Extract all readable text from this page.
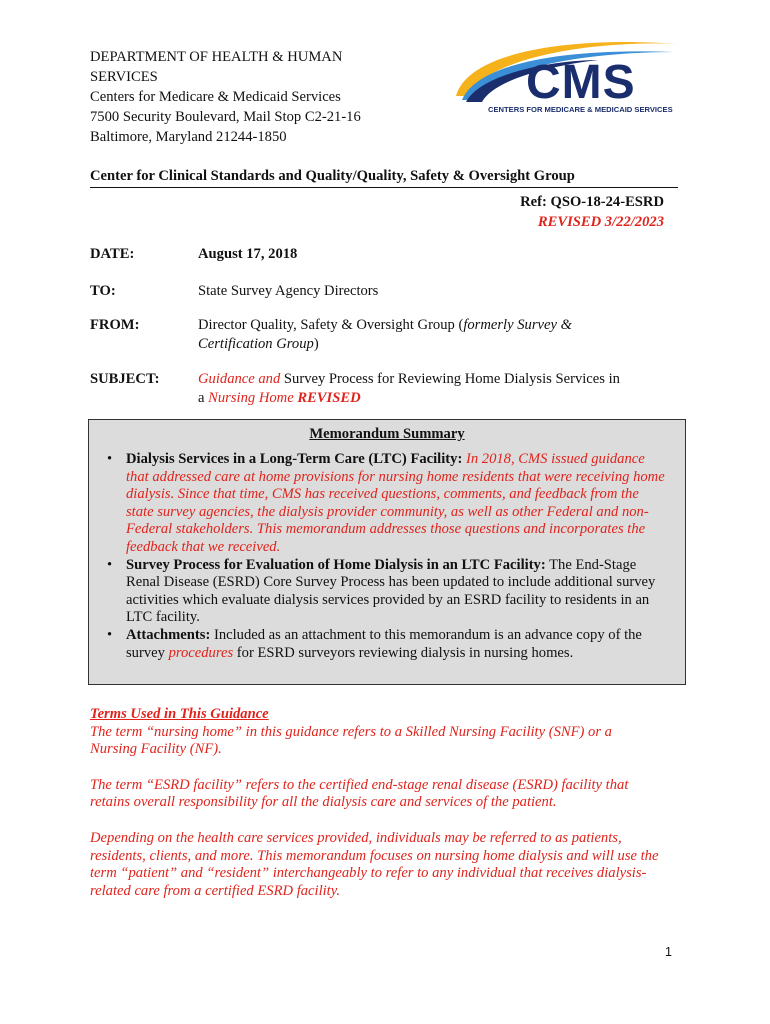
DEPARTMENT OF HEALTH & HUMAN
SERVICES
Centers for Medicare & Medicaid Services
7500 Security Boulevard, Mail Stop C2-21-16
Baltimore, Maryland 21244-1850
CMS
CENTERS FOR MEDICARE & MEDICAID SERVICES
Center for Clinical Standards and Quality/Quality, Safety & Oversight Group
Ref: QSO-18-24-ESRD
REVISED 3/22/2023
DATE:	August 17, 2018
TO:	State Survey Agency Directors
FROM:	Director Quality, Safety & Oversight Group (formerly Survey & Certification Group)
SUBJECT:	Guidance and Survey Process for Reviewing Home Dialysis Services in a Nursing Home REVISED
Memorandum Summary
• Dialysis Services in a Long-Term Care (LTC) Facility: In 2018, CMS issued guidance that addressed care at home provisions for nursing home residents that were receiving home dialysis. Since that time, CMS has received questions, comments, and feedback from the state survey agencies, the dialysis provider community, as well as other Federal and non-Federal stakeholders. This memorandum addresses those questions and incorporates the feedback that we received.
• Survey Process for Evaluation of Home Dialysis in an LTC Facility: The End-Stage Renal Disease (ESRD) Core Survey Process has been updated to include additional survey activities which evaluate dialysis services provided by an ESRD facility to residents in an LTC facility.
• Attachments: Included as an attachment to this memorandum is an advance copy of the survey procedures for ESRD surveyors reviewing dialysis in nursing homes.

Terms Used in This Guidance
The term “nursing home” in this guidance refers to a Skilled Nursing Facility (SNF) or a Nursing Facility (NF).

The term “ESRD facility” refers to the certified end-stage renal disease (ESRD) facility that retains overall responsibility for all the dialysis care and services of the patient.

Depending on the health care services provided, individuals may be referred to as patients, residents, clients, and more. This memorandum focuses on nursing home dialysis and will use the term “patient” and “resident” interchangeably to refer to any individual that receives dialysis-related care from a certified ESRD facility.

1
